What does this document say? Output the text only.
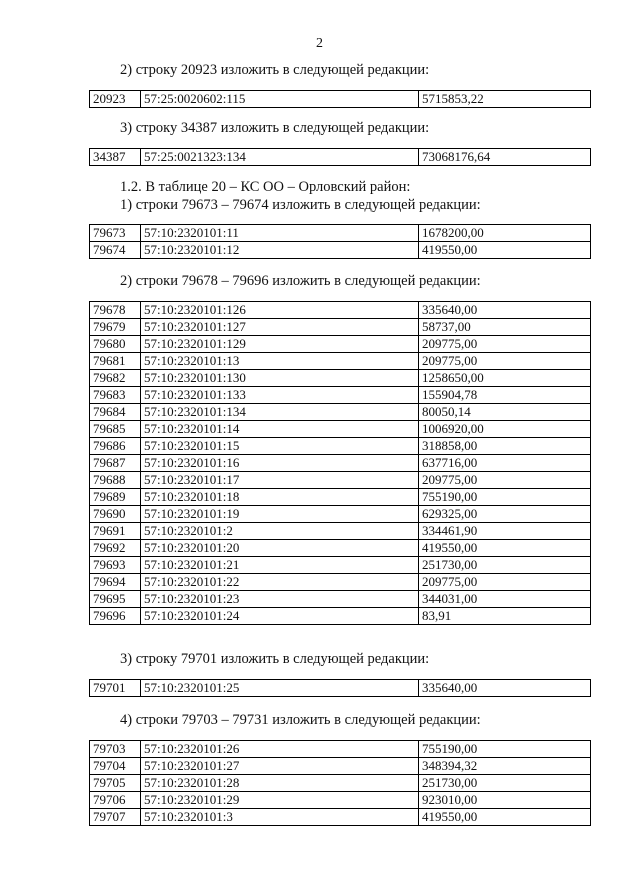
2
2) строку 20923 изложить в следующей редакции:
20923	57:25:0020602:115	5715853,22
3) строку 34387 изложить в следующей редакции:
34387	57:25:0021323:134	73068176,64
1.2. В таблице 20 – КС ОО – Орловский район:
1) строки 79673 – 79674 изложить в следующей редакции:
79673	57:10:2320101:11	1678200,00
79674	57:10:2320101:12	419550,00
2) строки 79678 – 79696 изложить в следующей редакции:
79678	57:10:2320101:126	335640,00
79679	57:10:2320101:127	58737,00
79680	57:10:2320101:129	209775,00
79681	57:10:2320101:13	209775,00
79682	57:10:2320101:130	1258650,00
79683	57:10:2320101:133	155904,78
79684	57:10:2320101:134	80050,14
79685	57:10:2320101:14	1006920,00
79686	57:10:2320101:15	318858,00
79687	57:10:2320101:16	637716,00
79688	57:10:2320101:17	209775,00
79689	57:10:2320101:18	755190,00
79690	57:10:2320101:19	629325,00
79691	57:10:2320101:2	334461,90
79692	57:10:2320101:20	419550,00
79693	57:10:2320101:21	251730,00
79694	57:10:2320101:22	209775,00
79695	57:10:2320101:23	344031,00
79696	57:10:2320101:24	83,91
3) строку 79701 изложить в следующей редакции:
79701	57:10:2320101:25	335640,00
4) строки 79703 – 79731 изложить в следующей редакции:
79703	57:10:2320101:26	755190,00
79704	57:10:2320101:27	348394,32
79705	57:10:2320101:28	251730,00
79706	57:10:2320101:29	923010,00
79707	57:10:2320101:3	419550,00
